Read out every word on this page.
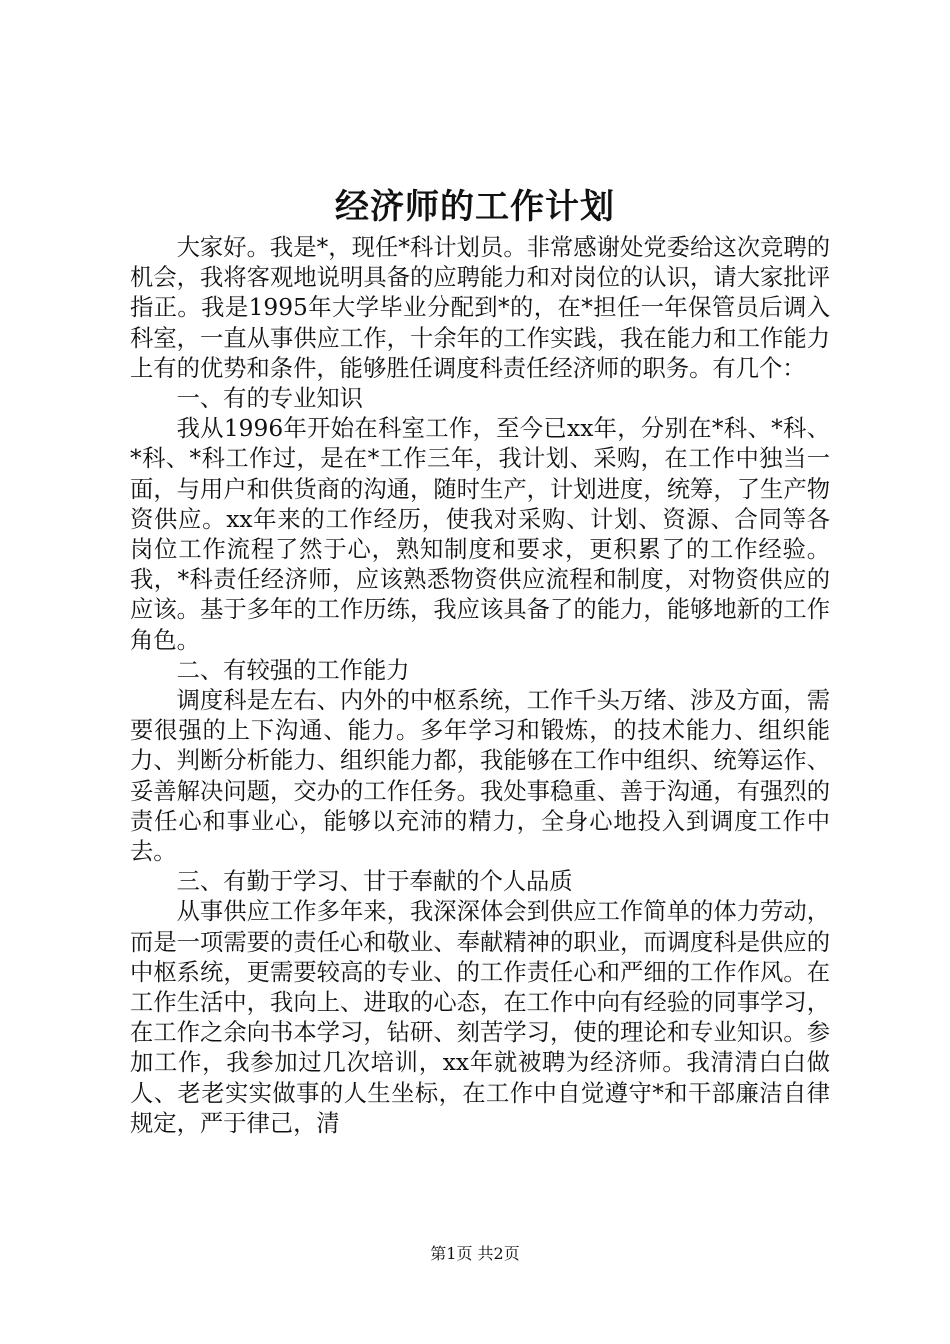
经济师的工作计划

大家好。我是*，现任*科计划员。非常感谢处党委给这次竞聘的机会，我将客观地说明具备的应聘能力和对岗位的认识，请大家批评指正。我是1995年大学毕业分配到*的，在*担任一年保管员后调入科室，一直从事供应工作，十余年的工作实践，我在能力和工作能力上有的优势和条件，能够胜任调度科责任经济师的职务。有几个：

一、有的专业知识

我从1996年开始在科室工作，至今已xx年，分别在*科、*科、*科、*科工作过，是在*工作三年，我计划、采购，在工作中独当一面，与用户和供货商的沟通，随时生产，计划进度，统筹，了生产物资供应。xx年来的工作经历，使我对采购、计划、资源、合同等各岗位工作流程了然于心，熟知制度和要求，更积累了的工作经验。我，*科责任经济师，应该熟悉物资供应流程和制度，对物资供应的应该。基于多年的工作历练，我应该具备了的能力，能够地新的工作角色。

二、有较强的工作能力

调度科是左右、内外的中枢系统，工作千头万绪、涉及方面，需要很强的上下沟通、能力。多年学习和锻炼，的技术能力、组织能力、判断分析能力、组织能力都，我能够在工作中组织、统筹运作、妥善解决问题，交办的工作任务。我处事稳重、善于沟通，有强烈的责任心和事业心，能够以充沛的精力，全身心地投入到调度工作中去。

三、有勤于学习、甘于奉献的个人品质

从事供应工作多年来，我深深体会到供应工作简单的体力劳动，而是一项需要的责任心和敬业、奉献精神的职业，而调度科是供应的中枢系统，更需要较高的专业、的工作责任心和严细的工作作风。在工作生活中，我向上、进取的心态，在工作中向有经验的同事学习，在工作之余向书本学习，钻研、刻苦学习，使的理论和专业知识。参加工作，我参加过几次培训，xx年就被聘为经济师。我清清白白做人、老老实实做事的人生坐标，在工作中自觉遵守*和干部廉洁自律规定，严于律己，清

第1页 共2页
